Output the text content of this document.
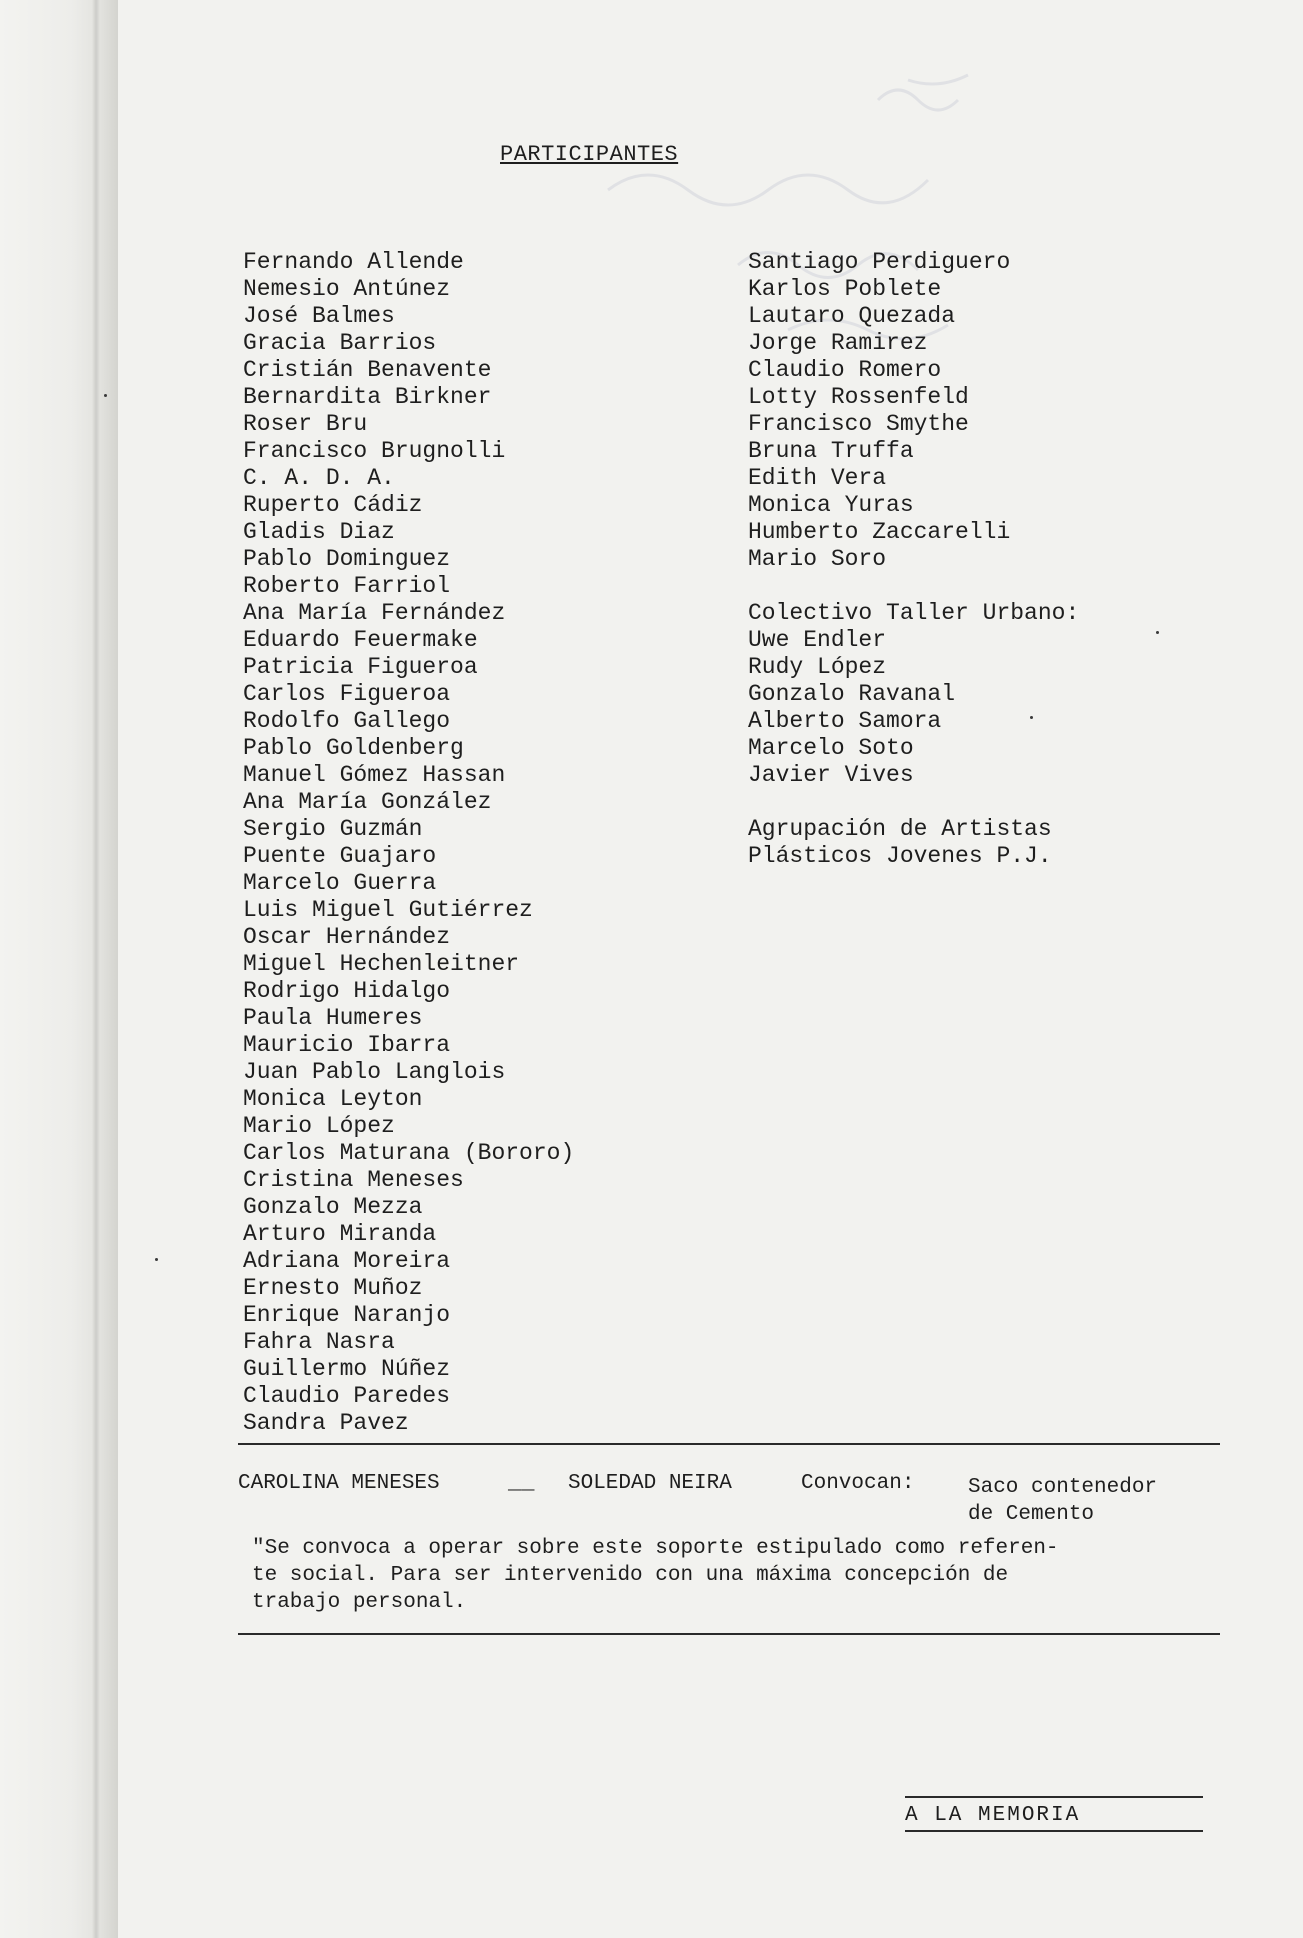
PARTICIPANTES
Fernando Allende
Nemesio Antúnez
José Balmes
Gracia Barrios
Cristián Benavente
Bernardita Birkner
Roser Bru
Francisco Brugnolli
C. A. D. A.
Ruperto Cádiz
Gladis Diaz
Pablo Dominguez
Roberto Farriol
Ana María Fernández
Eduardo Feuermake
Patricia Figueroa
Carlos Figueroa
Rodolfo Gallego
Pablo Goldenberg
Manuel Gómez Hassan
Ana María González
Sergio Guzmán
Puente Guajaro
Marcelo Guerra
Luis Miguel Gutiérrez
Oscar Hernández
Miguel Hechenleitner
Rodrigo Hidalgo
Paula Humeres
Mauricio Ibarra
Juan Pablo Langlois
Monica Leyton
Mario López
Carlos Maturana (Bororo)
Cristina Meneses
Gonzalo Mezza
Arturo Miranda
Adriana Moreira
Ernesto Muñoz
Enrique Naranjo
Fahra Nasra
Guillermo Núñez
Claudio Paredes
Sandra Pavez
Santiago Perdiguero
Karlos Poblete
Lautaro Quezada
Jorge Ramirez
Claudio Romero
Lotty Rossenfeld
Francisco Smythe
Bruna Truffa
Edith Vera
Monica Yuras
Humberto Zaccarelli
Mario Soro
Colectivo Taller Urbano:
Uwe Endler
Rudy López
Gonzalo Ravanal
Alberto Samora
Marcelo Soto
Javier Vives
Agrupación de Artistas
Plásticos Jovenes P.J.
CAROLINA MENESES	__ SOLEDAD NEIRA	Convocan:	Saco contenedor
de Cemento
"Se convoca a operar sobre este soporte estipulado como referen-
te social. Para ser intervenido con una máxima concepción de
trabajo personal.
A LA MEMORIA
